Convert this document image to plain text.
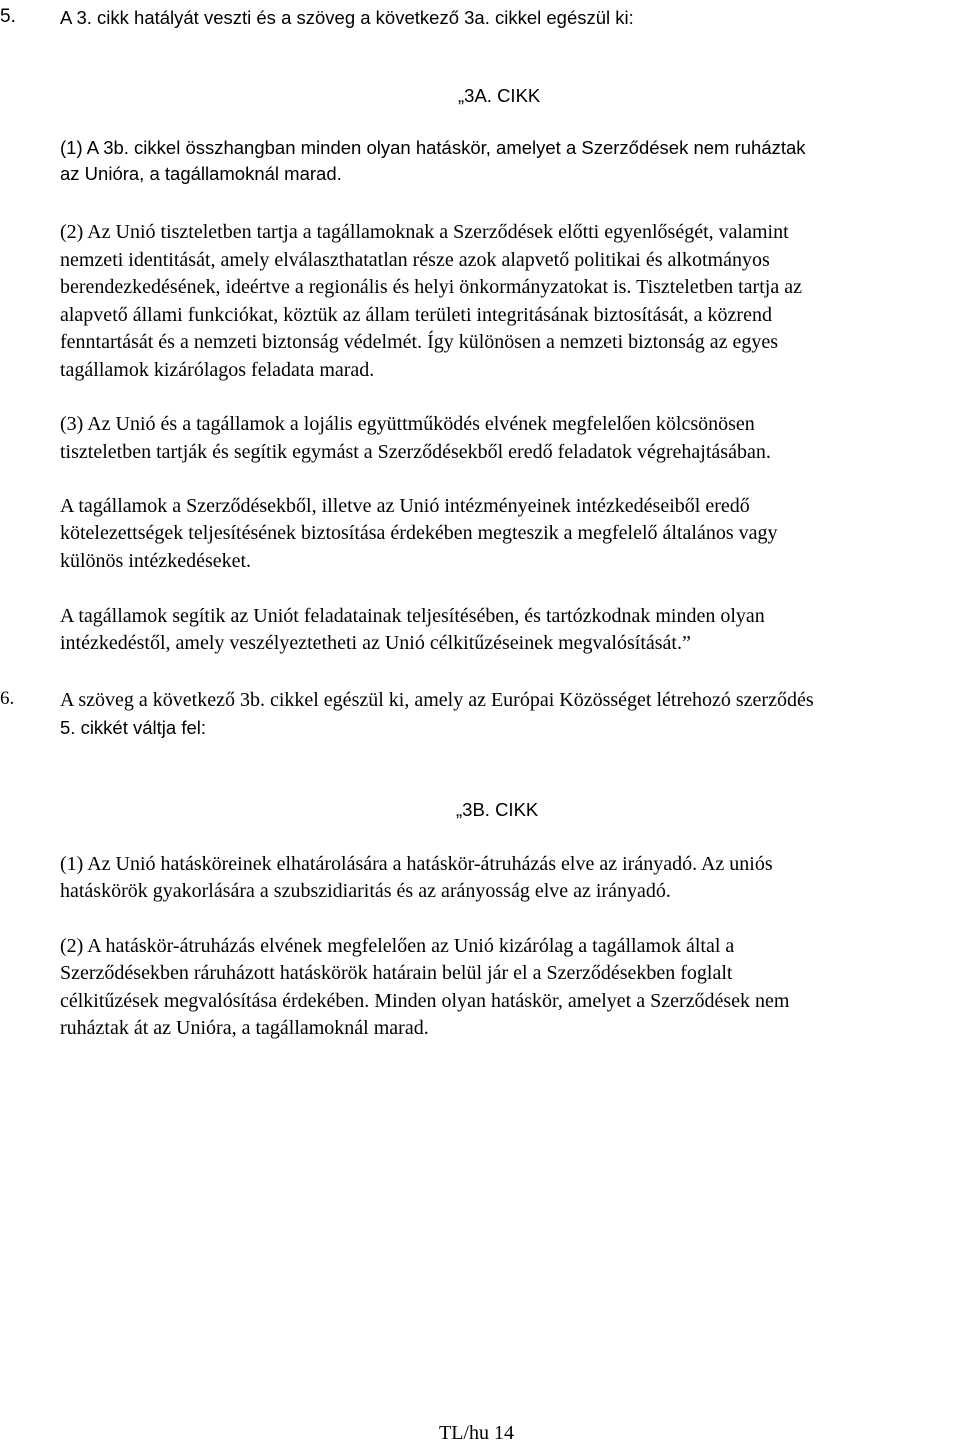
5. A 3. cikk hatályát veszti és a szöveg a következő 3a. cikkel egészül ki:
„3A. CIKK
(1) A 3b. cikkel összhangban minden olyan hatáskör, amelyet a Szerződések nem ruháztak
az Unióra, a tagállamoknál marad.
(2) Az Unió tiszteletben tartja a tagállamoknak a Szerződések előtti egyenlőségét, valamint
nemzeti identitását, amely elválaszthatatlan része azok alapvető politikai és alkotmányos
berendezkedésének, ideértve a regionális és helyi önkormányzatokat is. Tiszteletben tartja az
alapvető állami funkciókat, köztük az állam területi integritásának biztosítását, a közrend
fenntartását és a nemzeti biztonság védelmét. Így különösen a nemzeti biztonság az egyes
tagállamok kizárólagos feladata marad.
(3) Az Unió és a tagállamok a lojális együttműködés elvének megfelelően kölcsönösen
tiszteletben tartják és segítik egymást a Szerződésekből eredő feladatok végrehajtásában.
A tagállamok a Szerződésekből, illetve az Unió intézményeinek intézkedéseiből eredő
kötelezettségek teljesítésének biztosítása érdekében megteszik a megfelelő általános vagy
különös intézkedéseket.
A tagállamok segítik az Uniót feladatainak teljesítésében, és tartózkodnak minden olyan
intézkedéstől, amely veszélyeztetheti az Unió célkitűzéseinek megvalósítását.”
6. A szöveg a következő 3b. cikkel egészül ki, amely az Európai Közösséget létrehozó szerződés
5. cikkét váltja fel:
„3B. CIKK
(1) Az Unió hatásköreinek elhatárolására a hatáskör-átruházás elve az irányadó. Az uniós
hatáskörök gyakorlására a szubszidiaritás és az arányosság elve az irányadó.
(2) A hatáskör-átruházás elvének megfelelően az Unió kizárólag a tagállamok által a
Szerződésekben ráruházott hatáskörök határain belül jár el a Szerződésekben foglalt
célkitűzések megvalósítása érdekében. Minden olyan hatáskör, amelyet a Szerződések nem
ruháztak át az Unióra, a tagállamoknál marad.
TL/hu 14
